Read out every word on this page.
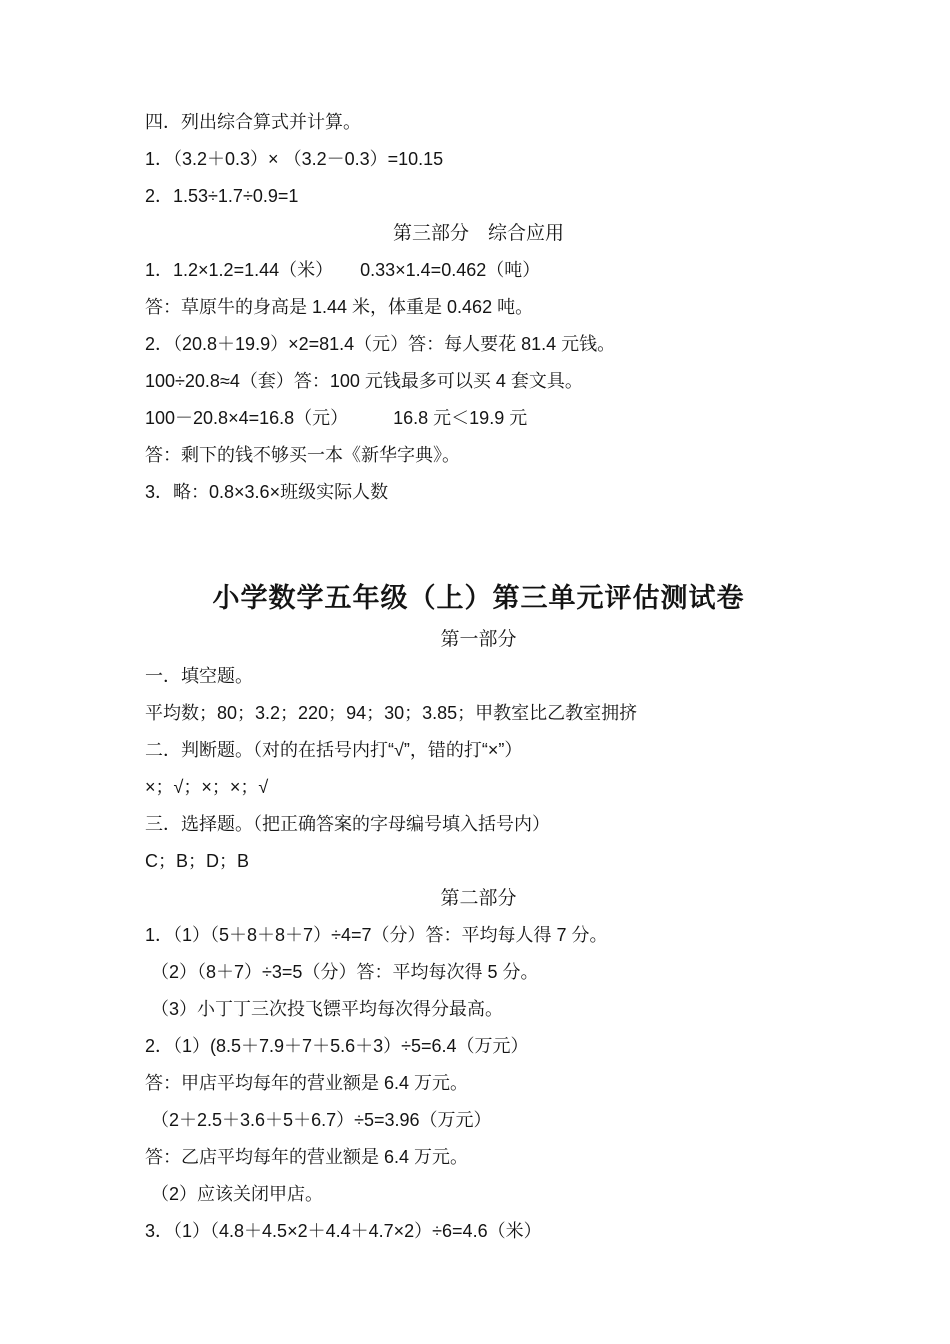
四．列出综合算式并计算。
1．（3.2＋0.3）× （3.2－0.3）=10.15
2．1.53÷1.7÷0.9=1
第三部分　综合应用
1．1.2×1.2=1.44（米）　　0.33×1.4=0.462（吨）
答：草原牛的身高是 1.44 米，体重是 0.462 吨。
2．（20.8＋19.9）×2=81.4（元）答：每人要花 81.4 元钱。
100÷20.8≈4（套）答：100 元钱最多可以买 4 套文具。
100－20.8×4=16.8（元）　　　16.8 元＜19.9 元
答：剩下的钱不够买一本《新华字典》。
3．略：0.8×3.6×班级实际人数
小学数学五年级（上）第三单元评估测试卷
第一部分
一．填空题。
平均数；80；3.2；220；94；30；3.85；甲教室比乙教室拥挤
二．判断题。（对的在括号内打“√”，错的打“×”）
×；√；×；×；√
三．选择题。（把正确答案的字母编号填入括号内）
C；B；D；B
第二部分
1．（1）（5＋8＋8＋7）÷4=7（分）答：平均每人得 7 分。
（2）（8＋7）÷3=5（分）答：平均每次得 5 分。
（3）小丁丁三次投飞镖平均每次得分最高。
2．（1）(8.5＋7.9＋7＋5.6＋3）÷5=6.4（万元）
答：甲店平均每年的营业额是 6.4 万元。
（2＋2.5＋3.6＋5＋6.7）÷5=3.96（万元）
答：乙店平均每年的营业额是 6.4 万元。
（2）应该关闭甲店。
3．（1）（4.8＋4.5×2＋4.4＋4.7×2）÷6=4.6（米）
